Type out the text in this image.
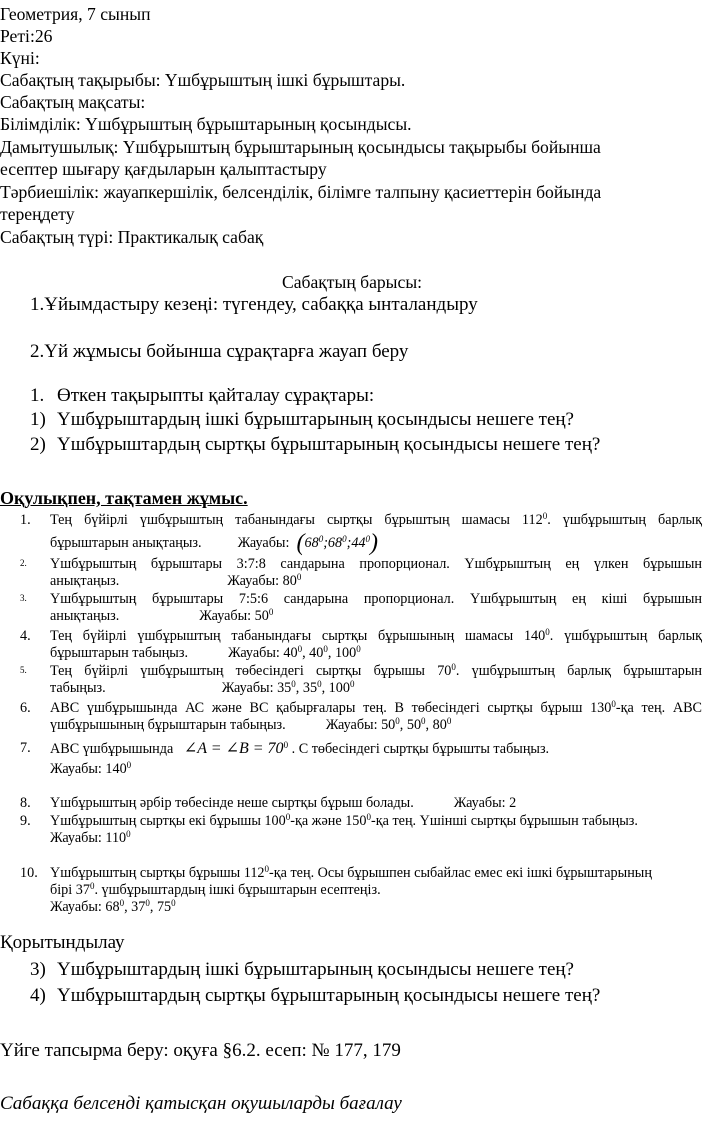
Геометрия, 7 сынып
Реті:26
Күні:
Сабақтың тақырыбы: Үшбұрыштың ішкі бұрыштары.
Сабақтың мақсаты:
Білімділік: Үшбұрыштың бұрыштарының қосындысы.
Дамытушылық: Үшбұрыштың бұрыштарының қосындысы тақырыбы бойынша
есептер шығару қағдыларын қалыптастыру
Тәрбиешілік: жауапкершілік, белсенділік, білімге талпыну қасиеттерін бойында
тереңдету
Сабақтың түрі: Практикалық сабақ
Сабақтың барысы:
1.Ұйымдастыру кезеңі: түгендеу, сабаққа ынталандыру
2.Үй жұмысы бойынша сұрақтарға жауап беру
1. Өткен тақырыпты қайталау сұрақтары:
1) Үшбұрыштардың ішкі бұрыштарының қосындысы нешеге тең?
2) Үшбұрыштардың сыртқы бұрыштарының қосындысы нешеге тең?
Оқулықпен, тақтамен жұмыс.
1. Тең бүйірлі үшбұрыштың табанындағы сыртқы бұрыштың шамасы $112^0$. үшбұрыштың барлық
бұрыштарын анықтаңыз.	Жауабы: $(68^0;68^0;44^0)$
2. Үшбұрыштың бұрыштары 3:7:8 сандарына пропорционал. Үшбұрыштың ең үлкен бұрышын
анықтаңыз.	Жауабы: $80^0$
3. Үшбұрыштың бұрыштары 7:5:6 сандарына пропорционал. Үшбұрыштың ең кіші бұрышын
анықтаңыз.	Жауабы: $50^0$
4. Тең бүйірлі үшбұрыштың табанындағы сыртқы бұрышының шамасы $140^0$. үшбұрыштың барлық
бұрыштарын табыңыз.	Жауабы: $40^0$, $40^0$, $100^0$
5. Тең бүйірлі үшбұрыштың төбесіндегі сыртқы бұрышы $70^0$. үшбұрыштың барлық бұрыштарын
табыңыз.	Жауабы: $35^0$, $35^0$, $100^0$
6. АВС үшбұрышында АС және ВС қабырғалары тең. В төбесіндегі сыртқы бұрыш $130^0-қа$ тең. АВС
үшбұрышының бұрыштарын табыңыз.	Жауабы: $50^0$, $50^0$, $80^0$
7. АВС үшбұрышында ∠A = ∠B = $70^0$ . С төбесіндегі сыртқы бұрышты табыңыз.
Жауабы: $140^0$
8. Үшбұрыштың әрбір төбесінде неше сыртқы бұрыш болады.	Жауабы: 2
9. Үшбұрыштың сыртқы екі бұрышы $100^0-қа$ және $150^0-қа$ тең. Үшінші сыртқы бұрышын табыңыз.
Жауабы: $110^0$
10. Үшбұрыштың сыртқы бұрышы $112^0-қа$ тең. Осы бұрышпен сыбайлас емес екі ішкі бұрыштарының
бірі $37^0$. үшбұрыштардың ішкі бұрыштарын есептеңіз.
Жауабы: $68^0$, $37^0$, $75^0$
Қорытындылау
3) Үшбұрыштардың ішкі бұрыштарының қосындысы нешеге тең?
4) Үшбұрыштардың сыртқы бұрыштарының қосындысы нешеге тең?
Үйге тапсырма беру: оқуға §6.2. есеп: № 177, 179
Сабаққа белсенді қатысқан оқушыларды бағалау
